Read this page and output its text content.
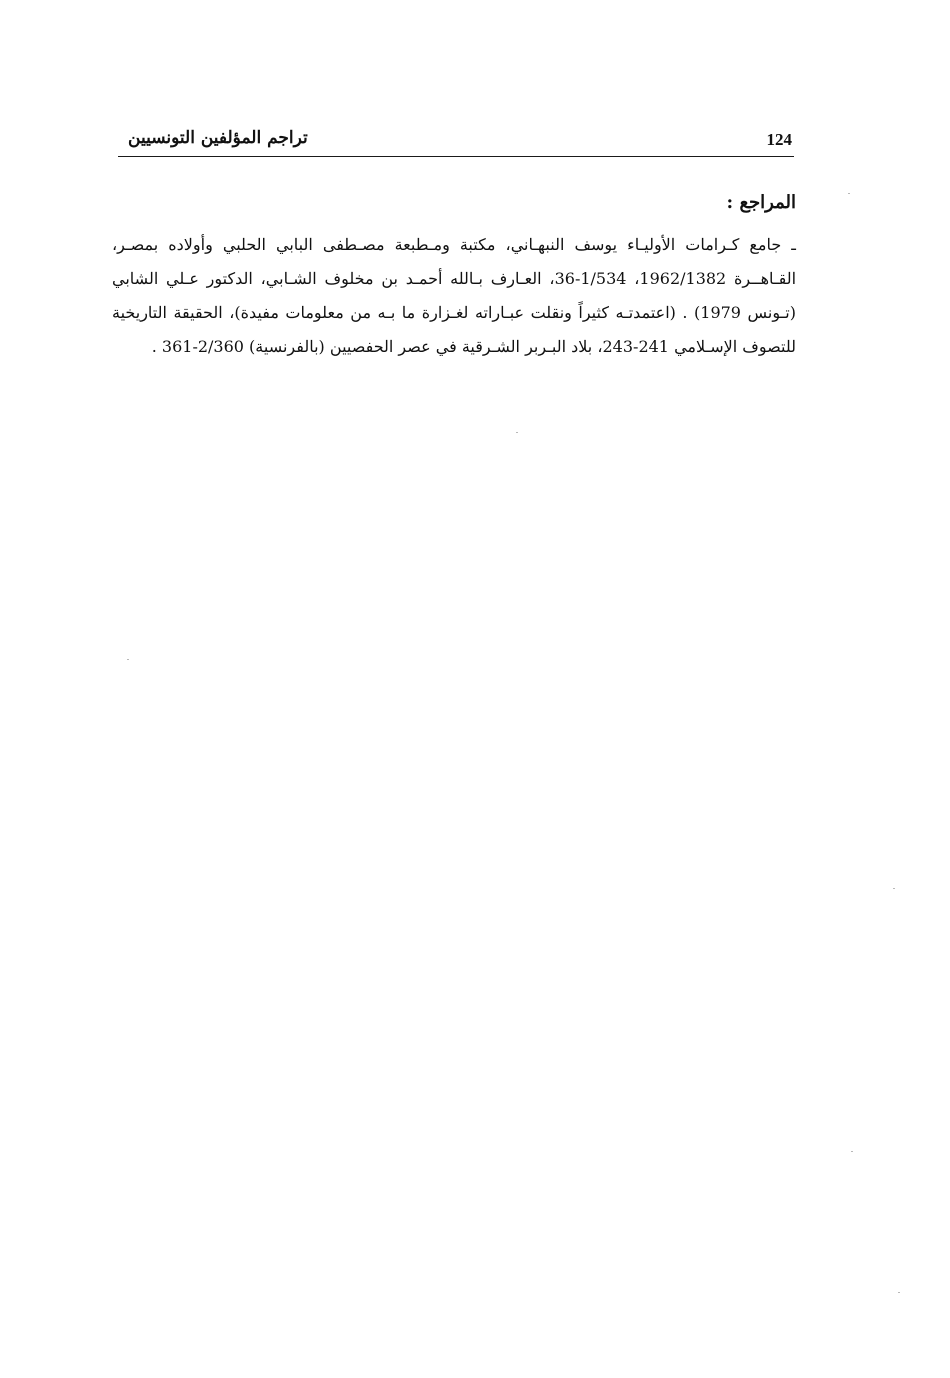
تراجم المؤلفين التونسيين	124
المراجع :
ـ جامع كـرامات الأوليـاء يوسف النبهـاني، مكتبة ومـطبعة مصـطفى البابي الحلبي وأولاده بمصـر، القـاهــرة 1962/1382، 1/534-36، العـارف بـالله أحمـد بن مخلوف الشـابي، الدكتور عـلي الشابي (تـونس 1979) . (اعتمدتـه كثيراً ونقلت عبـاراته لغـزارة ما بـه من معلومات مفيدة)، الحقيقة التاريخية للتصوف الإسـلامي 241-243، بلاد البـربر الشـرقية في عصر الحفصيين (بالفرنسية) 2/360-361 .
